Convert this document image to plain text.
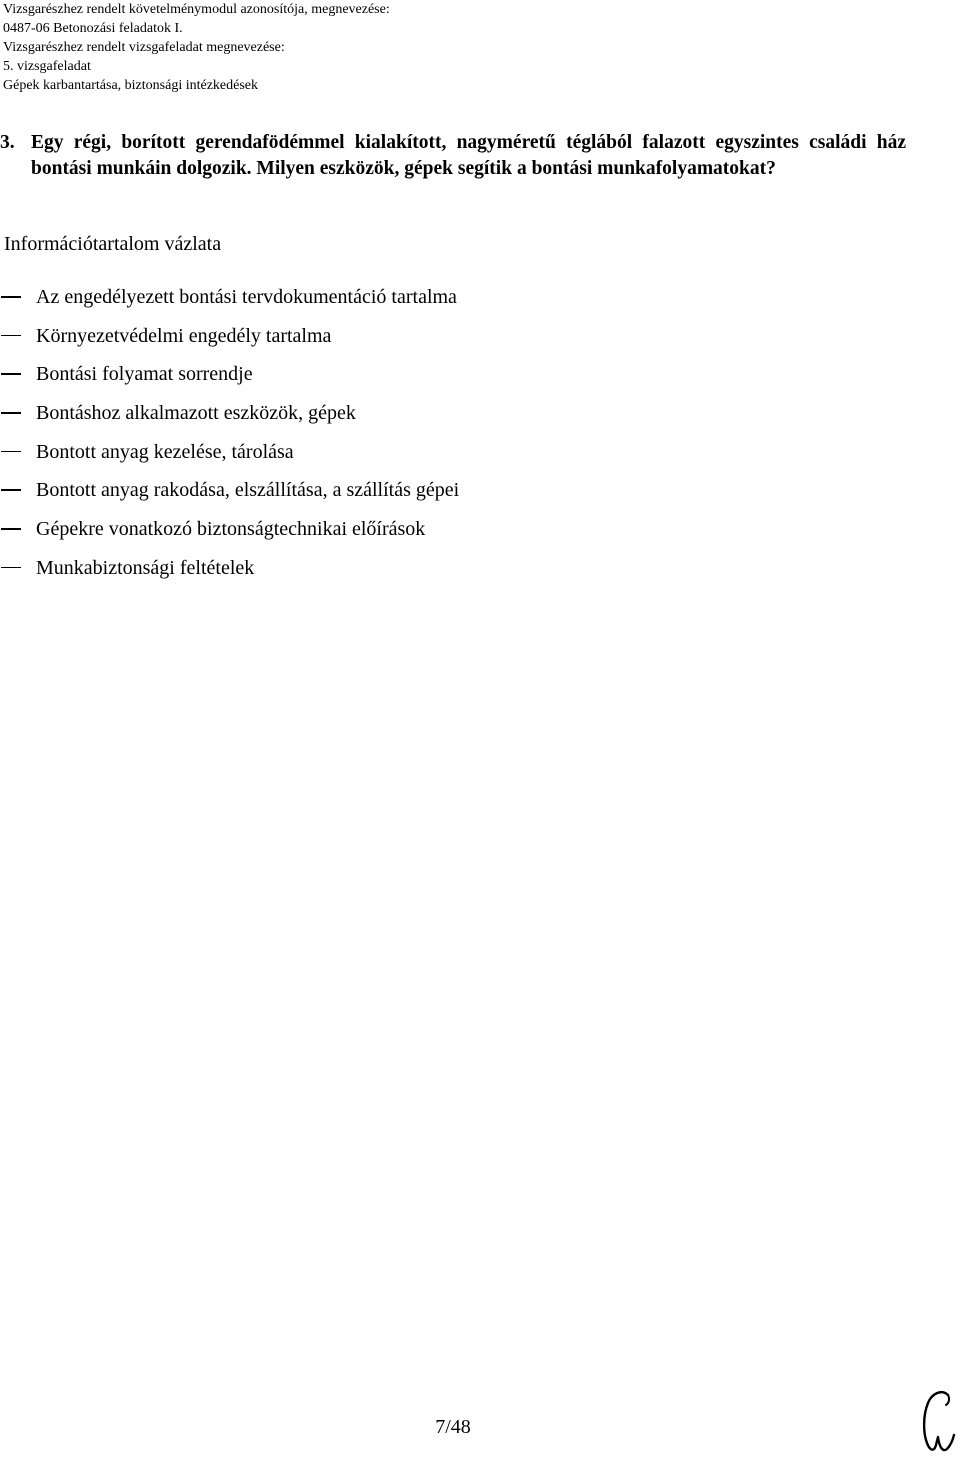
Vizsgarészhez rendelt követelménymodul azonosítója, megnevezése:
0487-06 Betonozási feladatok I.
Vizsgarészhez rendelt vizsgafeladat megnevezése:
5. vizsgafeladat
Gépek karbantartása, biztonsági intézkedések
3. Egy régi, borított gerendafödémmel kialakított, nagyméretű téglából falazott egyszintes családi ház bontási munkáin dolgozik. Milyen eszközök, gépek segítik a bontási munkafolyamatokat?
Információtartalom vázlata
Az engedélyezett bontási tervdokumentáció tartalma
Környezetvédelmi engedély tartalma
Bontási folyamat sorrendje
Bontáshoz alkalmazott eszközök, gépek
Bontott anyag kezelése, tárolása
Bontott anyag rakodása, elszállítása, a szállítás gépei
Gépekre vonatkozó biztonságtechnikai előírások
Munkabiztonsági feltételek
7/48
